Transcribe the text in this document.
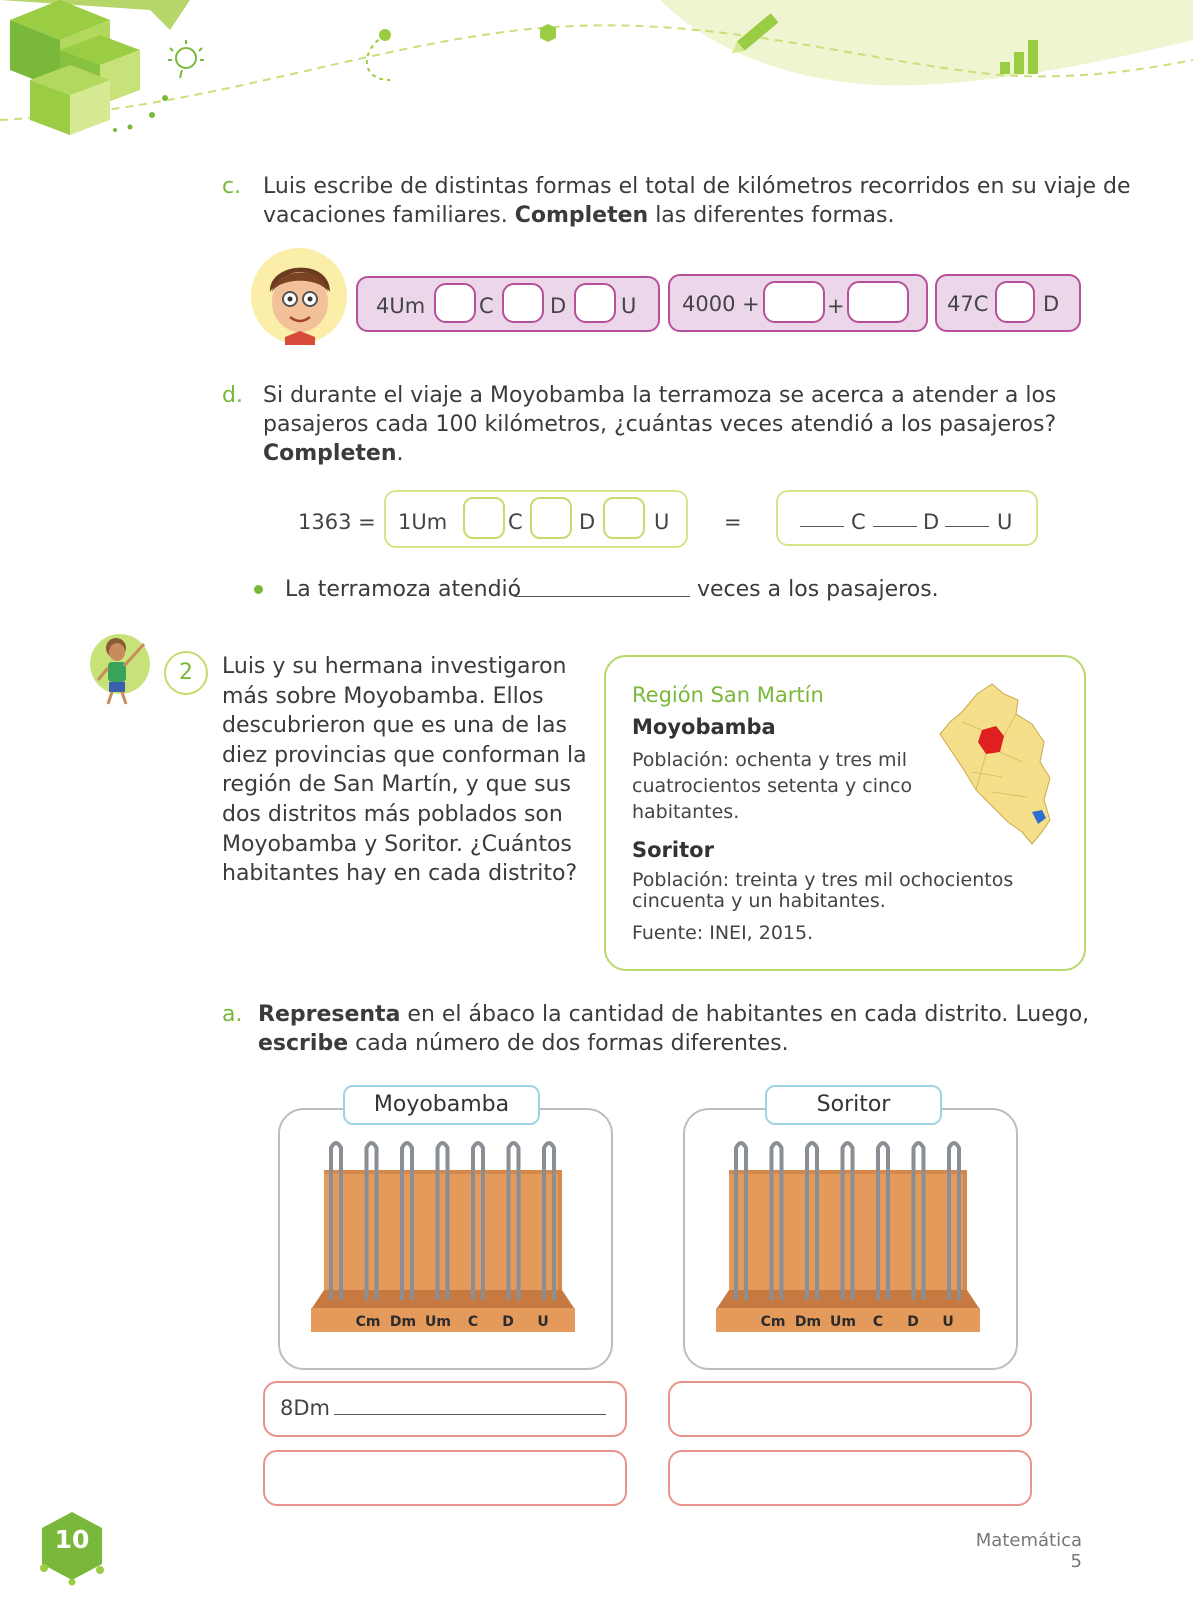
c. Luis escribe de distintas formas el total de kilómetros recorridos en su viaje de
vacaciones familiares. Completen las diferentes formas.
4Um	C	D	U 4000 +	+	47C	D
d. Si durante el viaje a Moyobamba la terramoza se acerca a atender a los
pasajeros cada 100 kilómetros, ¿cuántas veces atendió a los pasajeros?
Completen.
1363 = 1Um	C	D	U	=	C	D	U
La terramoza atendió	veces a los pasajeros.
2	Luis y su hermana investigaron
más sobre Moyobamba. Ellos
descubrieron que es una de las
diez provincias que conforman la
región de San Martín, y que sus
dos distritos más poblados son
Moyobamba y Soritor. ¿Cuántos
habitantes hay en cada distrito?
Región San Martín
Moyobamba
Población: ochenta y tres mil
cuatrocientos setenta y cinco
habitantes.
Soritor
Población: treinta y tres mil ochocientos
cincuenta y un habitantes.
Fuente: INEI, 2015.
a. Representa en el ábaco la cantidad de habitantes en cada distrito. Luego,
escribe cada número de dos formas diferentes.
Moyobamba
Cm Dm Um C D U
Soritor
Cm Dm Um C D U
8Dm
10	Matemática 5
